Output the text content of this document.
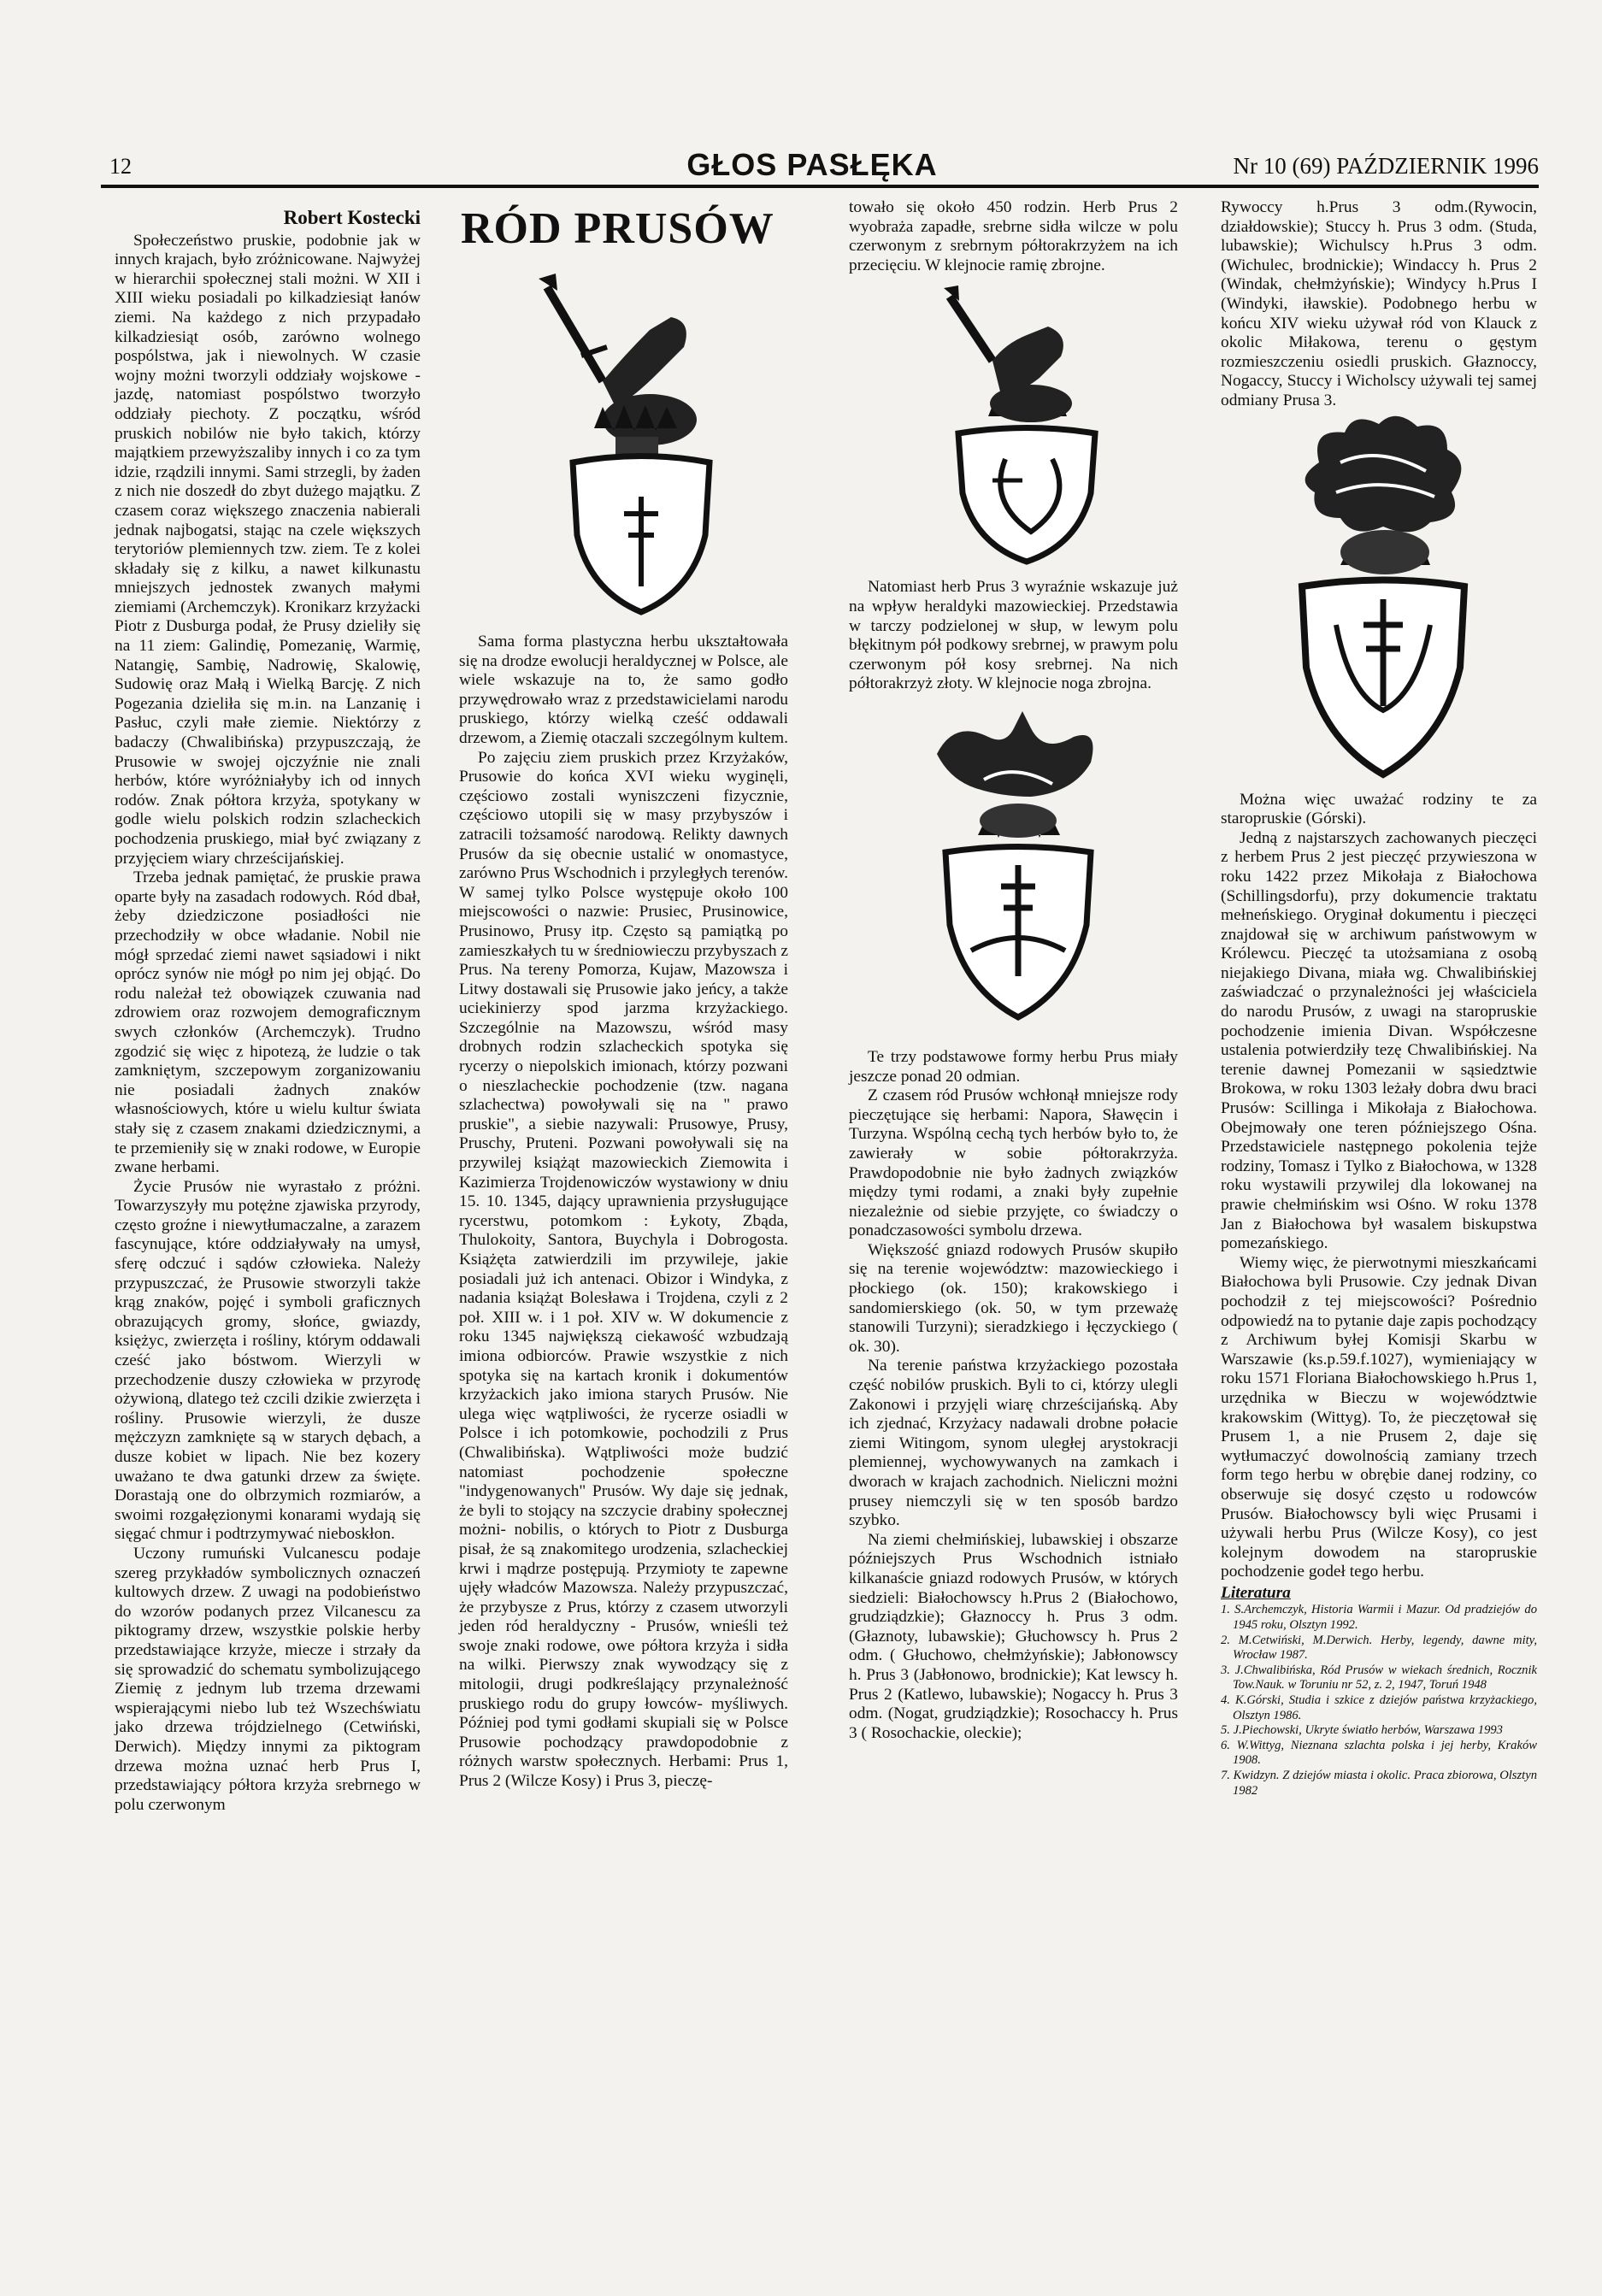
12	GŁOS PASŁĘKA	Nr 10 (69) PAŹDZIERNIK 1996
Robert Kostecki

Społeczeństwo pruskie, podobnie jak w innych krajach, było zróżnicowane. Najwyżej w hierarchii społecznej stali możni. W XII i XIII wieku posiadali po kilkadziesiąt łanów ziemi. Na każdego z nich przypadało kilkadziesiąt osób, zarówno wolnego pospólstwa, jak i niewolnych. W czasie wojny możni tworzyli oddziały wojskowe - jazdę, natomiast pospólstwo tworzyło oddziały piechoty. Z początku, wśród pruskich nobilów nie było takich, którzy majątkiem przewyższaliby innych i co za tym idzie, rządzili innymi. Sami strzegli, by żaden z nich nie doszedł do zbyt dużego majątku. Z czasem coraz większego znaczenia nabierali jednak najbogatsi, stając na czele większych terytoriów plemiennych tzw. ziem. Te z kolei składały się z kilku, a nawet kilkunastu mniejszych jednostek zwanych małymi ziemiami (Archemczyk). Kronikarz krzyżacki Piotr z Dusburga podał, że Prusy dzieliły się na 11 ziem: Galindię, Pomezanię, Warmię, Natangię, Sambię, Nadrowię, Skalowię, Sudowię oraz Małą i Wielką Barcję. Z nich Pogezania dzieliła się m.in. na Lanzanię i Pasłuc, czyli małe ziemie. Niektórzy z badaczy (Chwalibińska) przypuszczają, że Prusowie w swojej ojczyźnie nie znali herbów, które wyróżniałyby ich od innych rodów. Znak półtora krzyża, spotykany w godle wielu polskich rodzin szlacheckich pochodzenia pruskiego, miał być związany z przyjęciem wiary chrześcijańskiej.

Trzeba jednak pamiętać, że pruskie prawa oparte były na zasadach rodowych. Ród dbał, żeby dziedziczone posiadłości nie przechodziły w obce władanie. Nobil nie mógł sprzedać ziemi nawet sąsiadowi i nikt oprócz synów nie mógł po nim jej objąć. Do rodu należał też obowiązek czuwania nad zdrowiem oraz rozwojem demograficznym swych członków (Archemczyk). Trudno zgodzić się więc z hipotezą, że ludzie o tak zamkniętym, szczepowym zorganizowaniu nie posiadali żadnych znaków własnościowych, które u wielu kultur świata stały się z czasem znakami dziedzicznymi, a te przemieniły się w znaki rodowe, w Europie zwane herbami.

Życie Prusów nie wyrastało z próżni. Towarzyszyły mu potężne zjawiska przyrody, często groźne i niewytłumaczalne, a zarazem fascynujące, które oddziaływały na umysł, sferę odczuć i sądów człowieka. Należy przypuszczać, że Prusowie stworzyli także krąg znaków, pojęć i symboli graficznych obrazujących gromy, słońce, gwiazdy, księżyc, zwierzęta i rośliny, którym oddawali cześć jako bóstwom. Wierzyli w przechodzenie duszy człowieka w przyrodę ożywioną, dlatego też czcili dzikie zwierzęta i rośliny. Prusowie wierzyli, że dusze mężczyzn zamknięte są w starych dębach, a dusze kobiet w lipach. Nie bez kozery uważano te dwa gatunki drzew za święte. Dorastają one do olbrzymich rozmiarów, a swoimi rozgałęzionymi konarami wydają się sięgać chmur i podtrzymywać nieboskłon.

Uczony rumuński Vulcanescu podaje szereg przykładów symbolicznych oznaczeń kultowych drzew. Z uwagi na podobieństwo do wzorów podanych przez Vilcanescu za piktogramy drzew, wszystkie polskie herby przedstawiające krzyże, miecze i strzały da się sprowadzić do schematu symbolizującego Ziemię z jednym lub trzema drzewami wspierającymi niebo lub też Wszechświatu jako drzewa trójdzielnego (Cetwiński, Derwich). Między innymi za piktogram drzewa można uznać herb Prus I, przedstawiający półtora krzyża srebrnego w polu czerwonym

RÓD PRUSÓW

Sama forma plastyczna herbu ukształtowała się na drodze ewolucji heraldycznej w Polsce, ale wiele wskazuje na to, że samo godło przywędrowało wraz z przedstawicielami narodu pruskiego, którzy wielką cześć oddawali drzewom, a Ziemię otaczali szczególnym kultem.

Po zajęciu ziem pruskich przez Krzyżaków, Prusowie do końca XVI wieku wyginęli, częściowo zostali wyniszczeni fizycznie, częściowo utopili się w masy przybyszów i zatracili tożsamość narodową. Relikty dawnych Prusów da się obecnie ustalić w onomastyce, zarówno Prus Wschodnich i przyległych terenów. W samej tylko Polsce występuje około 100 miejscowości o nazwie: Prusiec, Prusinowice, Prusinowo, Prusy itp. Często są pamiątką po zamieszkałych tu w średniowieczu przybyszach z Prus. Na tereny Pomorza, Kujaw, Mazowsza i Litwy dostawali się Prusowie jako jeńcy, a także uciekinierzy spod jarzma krzyżackiego. Szczególnie na Mazowszu, wśród masy drobnych rodzin szlacheckich spotyka się rycerzy o niepolskich imionach, którzy pozwani o nieszlacheckie pochodzenie (tzw. nagana szlachectwa) powoływali się na " prawo pruskie", a siebie nazywali: Prusowye, Prusy, Pruschy, Pruteni. Pozwani powoływali się na przywilej książąt mazowieckich Ziemowita i Kazimierza Trojdenowiczów wystawiony w dniu 15. 10. 1345, dający uprawnienia przysługujące rycerstwu, potomkom : Łykoty, Zbąda, Thulokoity, Santora, Buychyla i Dobrogosta. Książęta zatwierdzili im przywileje, jakie posiadali już ich antenaci. Obizor i Windyka, z nadania książąt Bolesława i Trojdena, czyli z 2 poł. XIII w. i 1 poł. XIV w. W dokumencie z roku 1345 największą ciekawość wzbudzają imiona odbiorców. Prawie wszystkie z nich spotyka się na kartach kronik i dokumentów krzyżackich jako imiona starych Prusów. Nie ulega więc wątpliwości, że rycerze osiadli w Polsce i ich potomkowie, pochodzili z Prus (Chwalibińska). Wątpliwości może budzić natomiast pochodzenie społeczne "indygenowanych" Prusów. Wy daje się jednak, że byli to stojący na szczycie drabiny społecznej możni- nobilis, o których to Piotr z Dusburga pisał, że są znakomitego urodzenia, szlacheckiej krwi i mądrze postępują. Przymioty te zapewne ujęły władców Mazowsza. Należy przypuszczać, że przybysze z Prus, którzy z czasem utworzyli jeden ród heraldyczny - Prusów, wnieśli też swoje znaki rodowe, owe półtora krzyża i sidła na wilki. Pierwszy znak wywodzący się z mitologii, drugi podkreślający przynależność pruskiego rodu do grupy łowców- myśliwych. Później pod tymi godłami skupiali się w Polsce Prusowie pochodzący prawdopodobnie z różnych warstw społecznych. Herbami: Prus 1, Prus 2 (Wilcze Kosy) i Prus 3, pieczę-

towało się około 450 rodzin. Herb Prus 2 wyobraża zapadłe, srebrne sidła wilcze w polu czerwonym z srebrnym półtorakrzyżem na ich przecięciu. W klejnocie ramię zbrojne.

Natomiast herb Prus 3 wyraźnie wskazuje już na wpływ heraldyki mazowieckiej. Przedstawia w tarczy podzielonej w słup, w lewym polu błękitnym pół podkowy srebrnej, w prawym polu czerwonym pół kosy srebrnej. Na nich półtorakrzyż złoty. W klejnocie noga zbrojna.

Te trzy podstawowe formy herbu Prus miały jeszcze ponad 20 odmian.

Z czasem ród Prusów wchłonął mniejsze rody pieczętujące się herbami: Napora, Sławęcin i Turzyna. Wspólną cechą tych herbów było to, że zawierały w sobie półtorakrzyża. Prawdopodobnie nie było żadnych związków między tymi rodami, a znaki były zupełnie niezależnie od siebie przyjęte, co świadczy o ponadczasowości symbolu drzewa.

Większość gniazd rodowych Prusów skupiło się na terenie województw: mazowieckiego i płockiego (ok. 150); krakowskiego i sandomierskiego (ok. 50, w tym przeważę stanowili Turzyni); sieradzkiego i łęczyckiego ( ok. 30).

Na terenie państwa krzyżackiego pozostała część nobilów pruskich. Byli to ci, którzy ulegli Zakonowi i przyjęli wiarę chrześcijańską. Aby ich zjednać, Krzyżacy nadawali drobne połacie ziemi Witingom, synom uległej arystokracji plemiennej, wychowywanych na zamkach i dworach w krajach zachodnich. Nieliczni możni prusey niemczyli się w ten sposób bardzo szybko.

Na ziemi chełmińskiej, lubawskiej i obszarze późniejszych Prus Wschodnich istniało kilkanaście gniazd rodowych Prusów, w których siedzieli: Białochowscy h.Prus 2 (Białochowo, grudziądzkie); Głaznoccy h. Prus 3 odm. (Głaznoty, lubawskie); Głuchowscy h. Prus 2 odm. ( Głuchowo, chełmżyńskie); Jabłonowscy h. Prus 3 (Jabłonowo, brodnickie); Kat lewscy h. Prus 2 (Katlewo, lubawskie); Nogaccy h. Prus 3 odm. (Nogat, grudziądzkie); Rosochaccy h. Prus 3 ( Rosochackie, oleckie);

Rywoccy h.Prus 3 odm.(Rywocin, działdowskie); Stuccy h. Prus 3 odm. (Studa, lubawskie); Wichulscy h.Prus 3 odm. (Wichulec, brodnickie); Windaccy h. Prus 2 (Windak, chełmżyńskie); Windycy h.Prus I (Windyki, iławskie). Podobnego herbu w końcu XIV wieku używał ród von Klauck z okolic Miłakowa, terenu o gęstym rozmieszczeniu osiedli pruskich. Głaznoccy, Nogaccy, Stuccy i Wicholscy używali tej samej odmiany Prusa 3.

Można więc uważać rodziny te za staropruskie (Górski).

Jedną z najstarszych zachowanych pieczęci z herbem Prus 2 jest pieczęć przywieszona w roku 1422 przez Mikołaja z Białochowa (Schillingsdorfu), przy dokumencie traktatu mełneńskiego. Oryginał dokumentu i pieczęci znajdował się w archiwum państwowym w Królewcu. Pieczęć ta utożsamiana z osobą niejakiego Divana, miała wg. Chwalibińskiej zaświadczać o przynależności jej właściciela do narodu Prusów, z uwagi na staropruskie pochodzenie imienia Divan. Współczesne ustalenia potwierdziły tezę Chwalibińskiej. Na terenie dawnej Pomezanii w sąsiedztwie Brokowa, w roku 1303 leżały dobra dwu braci Prusów: Scillinga i Mikołaja z Białochowa. Obejmowały one teren późniejszego Ośna. Przedstawiciele następnego pokolenia tejże rodziny, Tomasz i Tylko z Białochowa, w 1328 roku wystawili przywilej dla lokowanej na prawie chełmińskim wsi Ośno. W roku 1378 Jan z Białochowa był wasalem biskupstwa pomezańskiego.

Wiemy więc, że pierwotnymi mieszkańcami Białochowa byli Prusowie. Czy jednak Divan pochodził z tej miejscowości? Pośrednio odpowiedź na to pytanie daje zapis pochodzący z Archiwum byłej Komisji Skarbu w Warszawie (ks.p.59.f.1027), wymieniający w roku 1571 Floriana Białochowskiego h.Prus 1, urzędnika w Bieczu w województwie krakowskim (Wittyg). To, że pieczętował się Prusem 1, a nie Prusem 2, daje się wytłumaczyć dowolnością zamiany trzech form tego herbu w obrębie danej rodziny, co obserwuje się dosyć często u rodowców Prusów. Białochowscy byli więc Prusami i używali herbu Prus (Wilcze Kosy), co jest kolejnym dowodem na staropruskie pochodzenie godeł tego herbu.

Literatura
1. S.Archemczyk, Historia Warmii i Mazur. Od pradziejów do 1945 roku, Olsztyn 1992.
2. M.Cetwiński, M.Derwich. Herby, legendy, dawne mity, Wrocław 1987.
3. J.Chwalibińska, Ród Prusów w wiekach średnich, Rocznik Tow.Nauk. w Toruniu nr 52, z. 2, 1947, Toruń 1948
4. K.Górski, Studia i szkice z dziejów państwa krzyżackiego, Olsztyn 1986.
5. J.Piechowski, Ukryte światło herbów, Warszawa 1993
6. W.Wittyg, Nieznana szlachta polska i jej herby, Kraków 1908.
7. Kwidzyn. Z dziejów miasta i okolic. Praca zbiorowa, Olsztyn 1982
